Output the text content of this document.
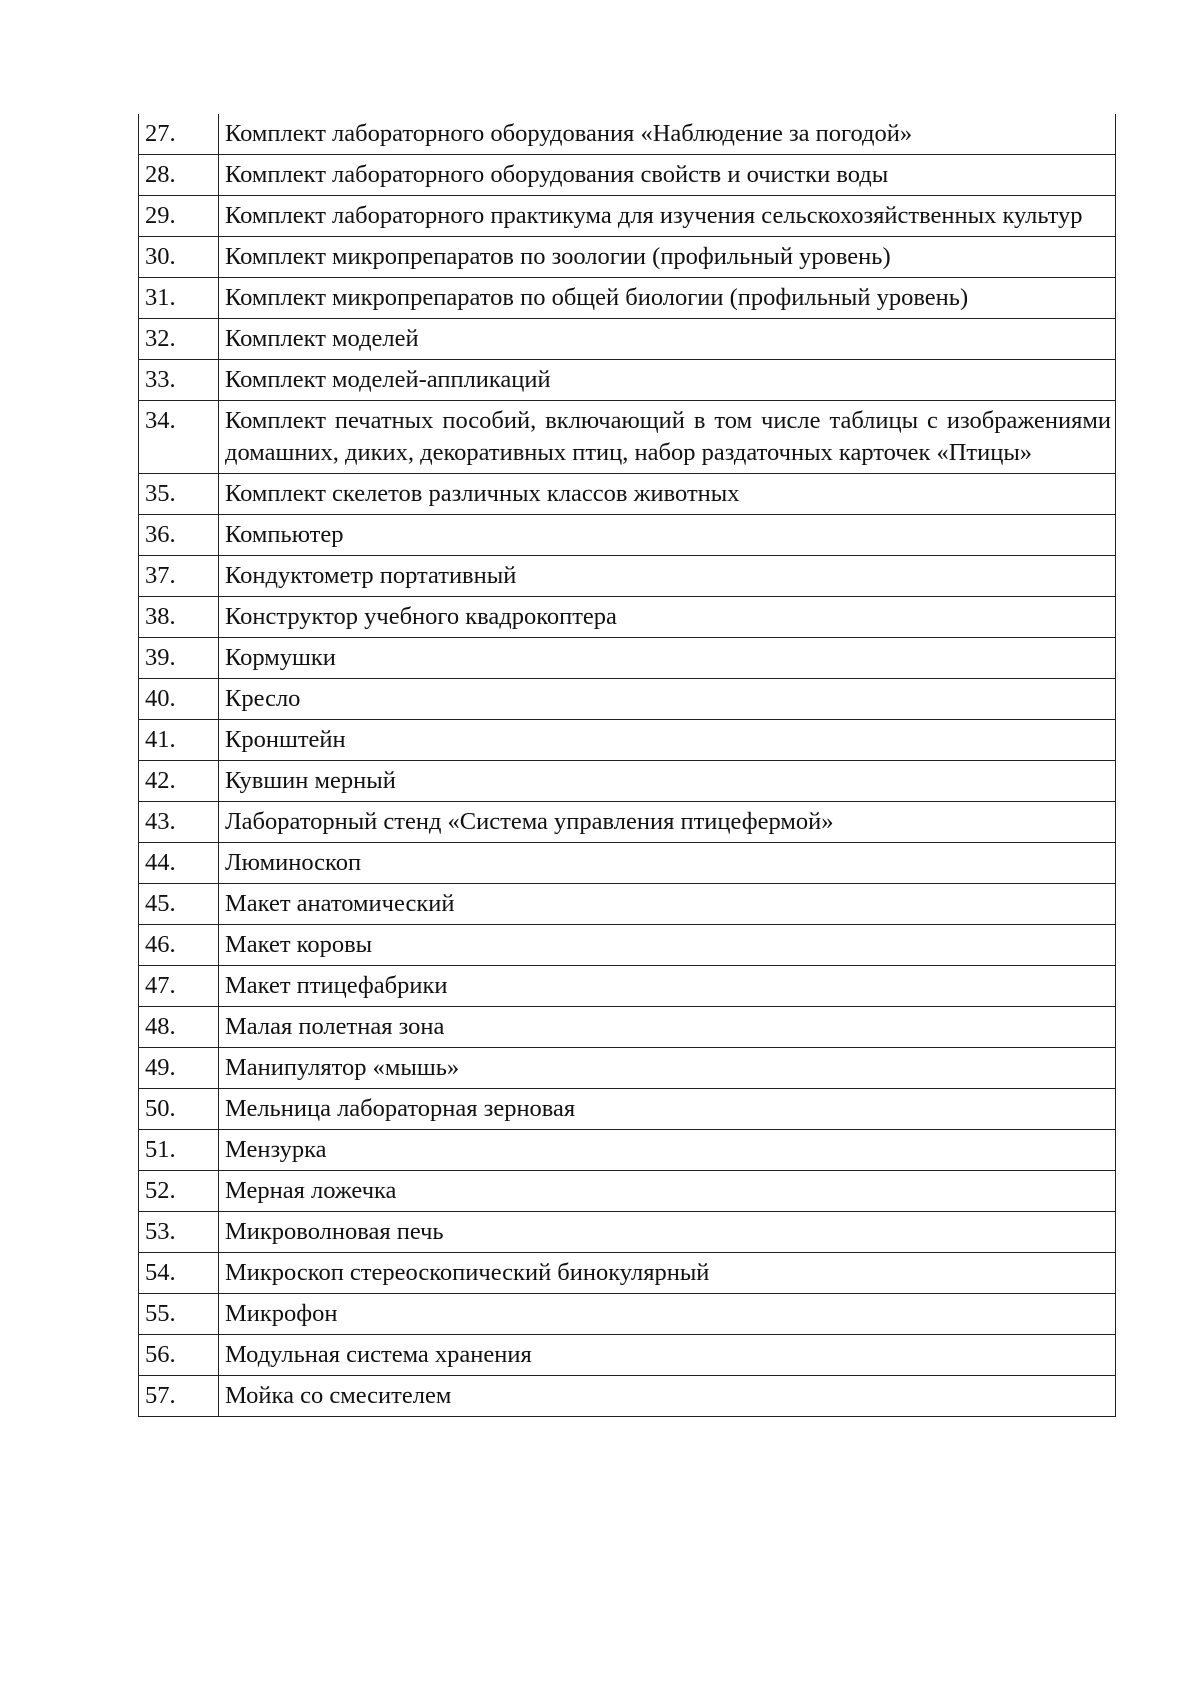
27.	Комплект лабораторного оборудования «Наблюдение за погодой»
28.	Комплект лабораторного оборудования свойств и очистки воды
29.	Комплект лабораторного практикума для изучения сельскохозяйственных культур
30.	Комплект микропрепаратов по зоологии (профильный уровень)
31.	Комплект микропрепаратов по общей биологии (профильный уровень)
32.	Комплект моделей
33.	Комплект моделей-аппликаций
34.	Комплект печатных пособий, включающий в том числе таблицы с изображениями домашних, диких, декоративных птиц, набор раздаточных карточек «Птицы»
35.	Комплект скелетов различных классов животных
36.	Компьютер
37.	Кондуктометр портативный
38.	Конструктор учебного квадрокоптера
39.	Кормушки
40.	Кресло
41.	Кронштейн
42.	Кувшин мерный
43.	Лабораторный стенд «Система управления птицефермой»
44.	Люминоскоп
45.	Макет анатомический
46.	Макет коровы
47.	Макет птицефабрики
48.	Малая полетная зона
49.	Манипулятор «мышь»
50.	Мельница лабораторная зерновая
51.	Мензурка
52.	Мерная ложечка
53.	Микроволновая печь
54.	Микроскоп стереоскопический бинокулярный
55.	Микрофон
56.	Модульная система хранения
57.	Мойка со смесителем
